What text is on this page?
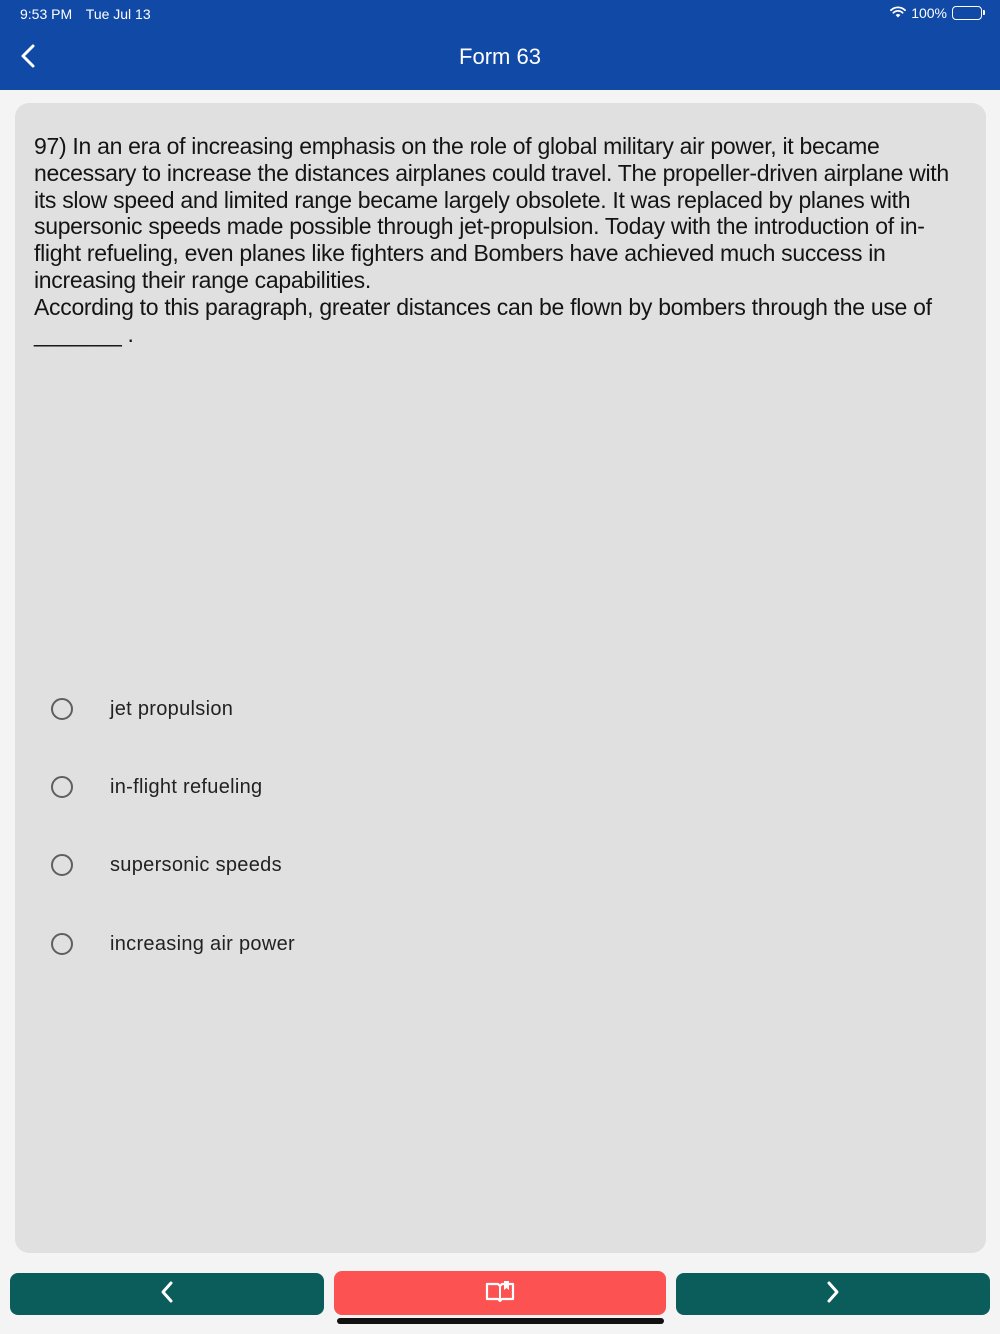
9:53 PM Tue Jul 13	100%
Form 63
97) In an era of increasing emphasis on the role of global military air power, it became necessary to increase the distances airplanes could travel. The propeller-driven airplane with its slow speed and limited range became largely obsolete. It was replaced by planes with supersonic speeds made possible through jet-propulsion. Today with the introduction of in-flight refueling, even planes like fighters and Bombers have achieved much success in increasing their range capabilities.
According to this paragraph, greater distances can be flown by bombers through the use of _______ .
jet propulsion
in-flight refueling
supersonic speeds
increasing air power
